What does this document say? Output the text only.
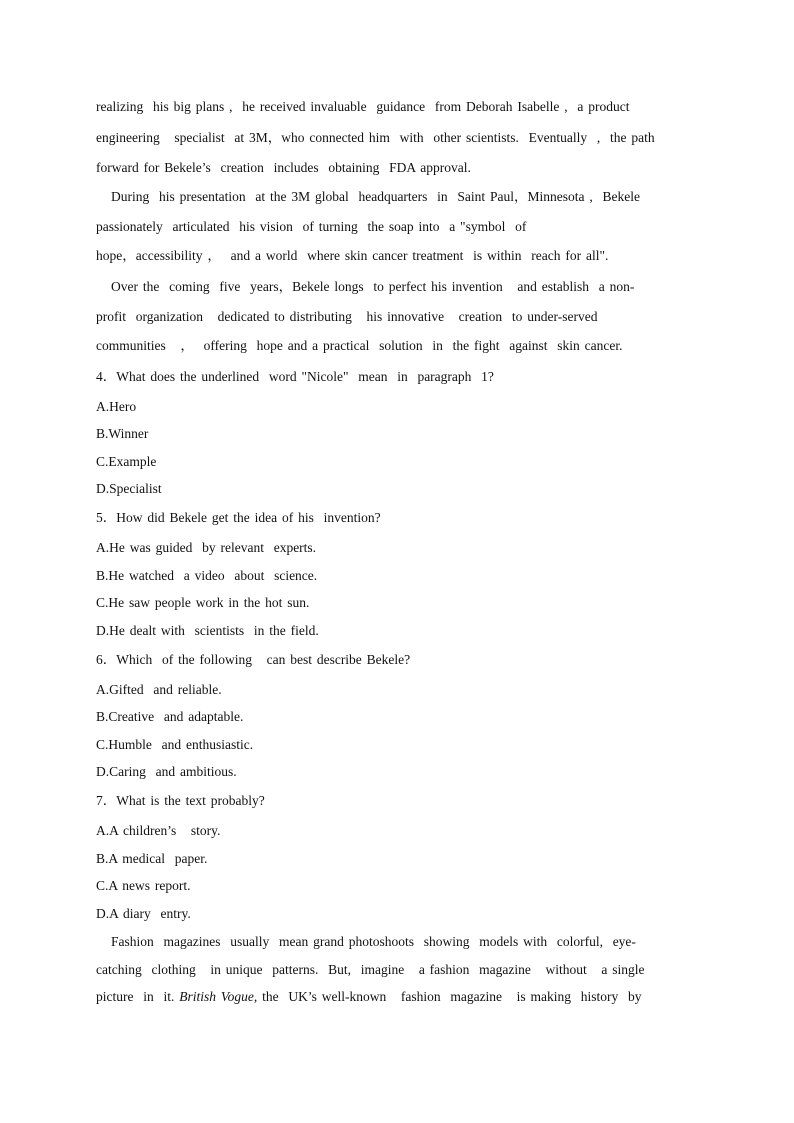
realizing  his big plans ,  he received invaluable  guidance  from Deborah Isabelle ,  a product
engineering   specialist  at 3M，who connected him  with  other scientists.  Eventually  ,  the path
forward for Bekele’s  creation  includes  obtaining  FDA approval.
During  his presentation  at the 3M global  headquarters  in  Saint Paul，Minnesota ,  Bekele
passionately  articulated  his vision  of turning  the soap into  a "symbol  of
hope，accessibility ，  and a world  where skin cancer treatment  is within  reach for all".
Over the  coming  five  years，Bekele longs  to perfect his invention   and establish  a non-
profit  organization   dedicated to distributing   his innovative   creation  to under-served
communities   ，  offering  hope and a practical  solution  in  the fight  against  skin cancer.
4．What does the underlined  word "Nicole"  mean  in  paragraph  1?
A.Hero
B.Winner
C.Example
D.Specialist
5．How did Bekele get the idea of his  invention?
A.He was guided  by relevant  experts.
B.He watched  a video  about  science.
C.He saw people work in the hot sun.
D.He dealt with  scientists  in the field.
6．Which  of the following   can best describe Bekele?
A.Gifted  and reliable.
B.Creative  and adaptable.
C.Humble  and enthusiastic.
D.Caring  and ambitious.
7．What is the text probably?
A.A children’s   story.
B.A medical  paper.
C.A news report.
D.A diary  entry.
Fashion  magazines  usually  mean grand photoshoots  showing  models with  colorful,  eye-
catching  clothing   in unique  patterns.  But,  imagine   a fashion  magazine   without   a single
picture  in  it. British Vogue, the  UK’s well-known   fashion  magazine   is making  history  by
